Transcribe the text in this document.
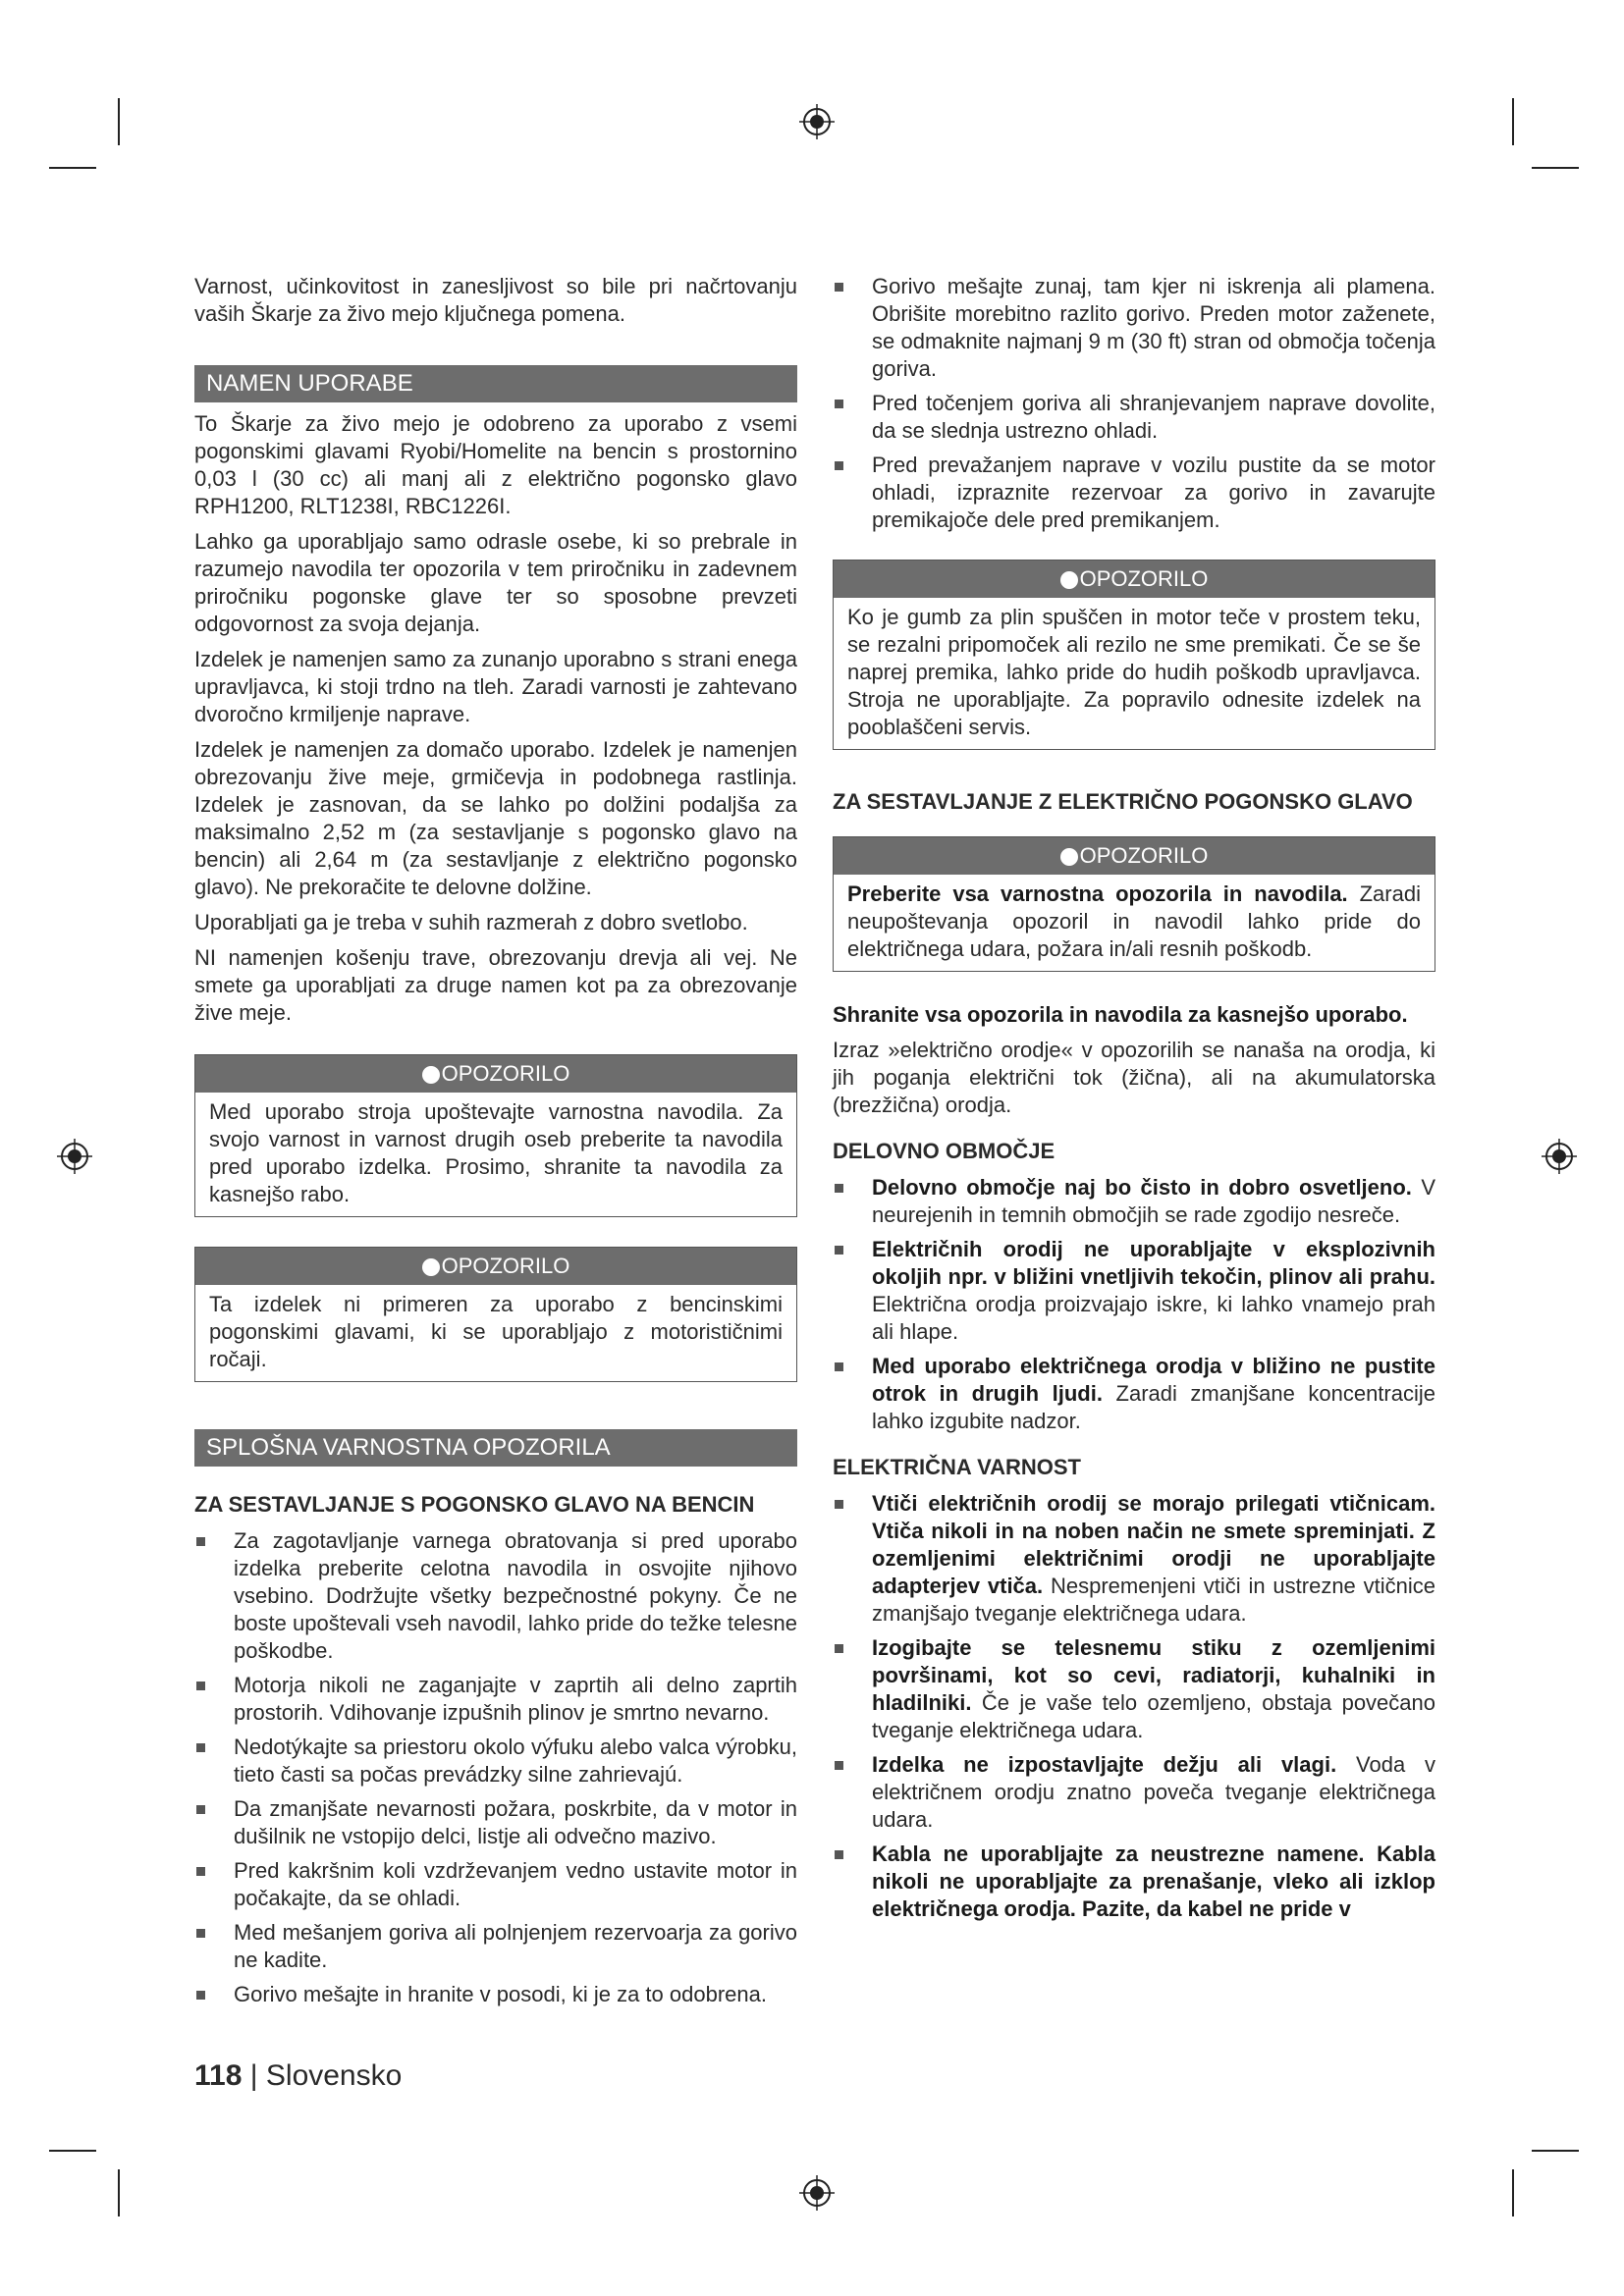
Varnost, učinkovitost in zanesljivost so bile pri načrtovanju vaših Škarje za živo mejo ključnega pomena.

NAMEN UPORABE

To Škarje za živo mejo je odobreno za uporabo z vsemi pogonskimi glavami Ryobi/Homelite na bencin s prostornino 0,03 l (30 cc) ali manj ali z električno pogonsko glavo RPH1200, RLT1238I, RBC1226I.

Lahko ga uporabljajo samo odrasle osebe, ki so prebrale in razumejo navodila ter opozorila v tem priročniku in zadevnem priročniku pogonske glave ter so sposobne prevzeti odgovornost za svoja dejanja.

Izdelek je namenjen samo za zunanjo uporabno s strani enega upravljavca, ki stoji trdno na tleh. Zaradi varnosti je zahtevano dvoročno krmiljenje naprave.

Izdelek je namenjen za domačo uporabo. Izdelek je namenjen obrezovanju žive meje, grmičevja in podobnega rastlinja. Izdelek je zasnovan, da se lahko po dolžini podaljša za maksimalno 2,52 m (za sestavljanje s pogonsko glavo na bencin) ali 2,64 m (za sestavljanje z električno pogonsko glavo). Ne prekoračite te delovne dolžine.

Uporabljati ga je treba v suhih razmerah z dobro svetlobo.

NI namenjen košenju trave, obrezovanju drevja ali vej. Ne smete ga uporabljati za druge namen kot pa za obrezovanje žive meje.

OPOZORILO
Med uporabo stroja upoštevajte varnostna navodila. Za svojo varnost in varnost drugih oseb preberite ta navodila pred uporabo izdelka. Prosimo, shranite ta navodila za kasnejšo rabo.
OPOZORILO
Ta izdelek ni primeren za uporabo z bencinskimi pogonskimi glavami, ki se uporabljajo z motorističnimi ročaji.
SPLOŠNA VARNOSTNA OPOZORILA
ZA SESTAVLJANJE S POGONSKO GLAVO NA BENCIN
Za zagotavljanje varnega obratovanja si pred uporabo izdelka preberite celotna navodila in osvojite njihovo vsebino. Dodržujte všetky bezpečnostné pokyny. Če ne boste upoštevali vseh navodil, lahko pride do težke telesne poškodbe.
Motorja nikoli ne zaganjajte v zaprtih ali delno zaprtih prostorih. Vdihovanje izpušnih plinov je smrtno nevarno.
Nedotýkajte sa priestoru okolo výfuku alebo valca výrobku, tieto časti sa počas prevádzky silne zahrievajú.
Da zmanjšate nevarnosti požara, poskrbite, da v motor in dušilnik ne vstopijo delci, listje ali odvečno mazivo.
Pred kakršnim koli vzdrževanjem vedno ustavite motor in počakajte, da se ohladi.
Med mešanjem goriva ali polnjenjem rezervoarja za gorivo ne kadite.
Gorivo mešajte in hranite v posodi, ki je za to odobrena.
Gorivo mešajte zunaj, tam kjer ni iskrenja ali plamena. Obrišite morebitno razlito gorivo. Preden motor zaženete, se odmaknite najmanj 9 m (30 ft) stran od območja točenja goriva.
Pred točenjem goriva ali shranjevanjem naprave dovolite, da se slednja ustrezno ohladi.
Pred prevažanjem naprave v vozilu pustite da se motor ohladi, izpraznite rezervoar za gorivo in zavarujte premikajoče dele pred premikanjem.
OPOZORILO
Ko je gumb za plin spuščen in motor teče v prostem teku, se rezalni pripomoček ali rezilo ne sme premikati. Če se še naprej premika, lahko pride do hudih poškodb upravljavca. Stroja ne uporabljajte. Za popravilo odnesite izdelek na pooblaščeni servis.
ZA SESTAVLJANJE Z ELEKTRIČNO POGONSKO GLAVO
OPOZORILO
Preberite vsa varnostna opozorila in navodila. Zaradi neupoštevanja opozoril in navodil lahko pride do električnega udara, požara in/ali resnih poškodb.

Shranite vsa opozorila in navodila za kasnejšo uporabo.

Izraz »električno orodje« v opozorilih se nanaša na orodja, ki jih poganja električni tok (žična), ali na akumulatorska (brezžična) orodja.

DELOVNO OBMOČJE
Delovno območje naj bo čisto in dobro osvetljeno. V neurejenih in temnih območjih se rade zgodijo nesreče.
Električnih orodij ne uporabljajte v eksplozivnih okoljih npr. v bližini vnetljivih tekočin, plinov ali prahu. Električna orodja proizvajajo iskre, ki lahko vnamejo prah ali hlape.
Med uporabo električnega orodja v bližino ne pustite otrok in drugih ljudi. Zaradi zmanjšane koncentracije lahko izgubite nadzor.
ELEKTRIČNA VARNOST
Vtiči električnih orodij se morajo prilegati vtičnicam. Vtiča nikoli in na noben način ne smete spreminjati. Z ozemljenimi električnimi orodji ne uporabljajte adapterjev vtiča. Nespremenjeni vtiči in ustrezne vtičnice zmanjšajo tveganje električnega udara.
Izogibajte se telesnemu stiku z ozemljenimi površinami, kot so cevi, radiatorji, kuhalniki in hladilniki. Če je vaše telo ozemljeno, obstaja povečano tveganje električnega udara.
Izdelka ne izpostavljajte dežju ali vlagi. Voda v električnem orodju znatno poveča tveganje električnega udara.
Kabla ne uporabljajte za neustrezne namene. Kabla nikoli ne uporabljajte za prenašanje, vleko ali izklop električnega orodja. Pazite, da kabel ne pride v
118 | Slovensko
